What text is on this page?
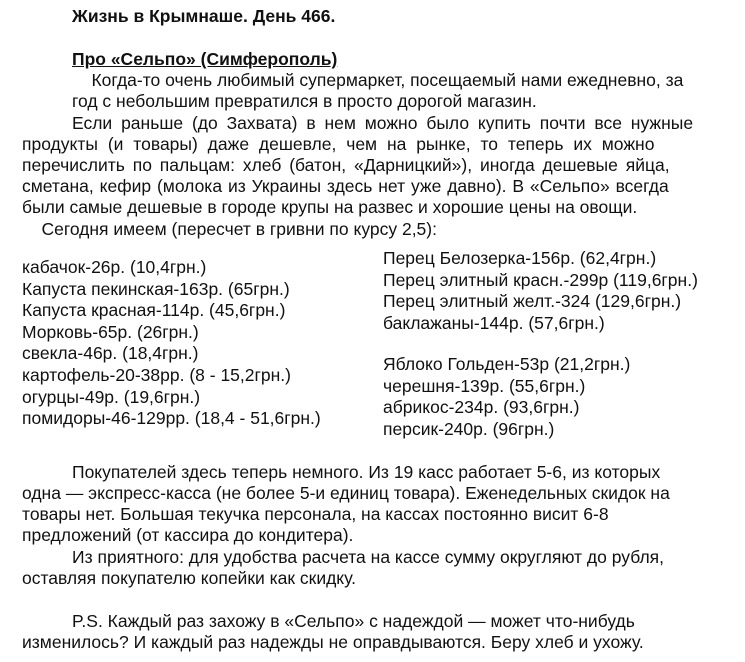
Жизнь в Крымнаше. День 466.
Про «Сельпо» (Симферополь)
Когда-то очень любимый супермаркет, посещаемый нами ежедневно, за
год с небольшим превратился в просто дорогой магазин.
Если раньше (до Захвата) в нем можно было купить почти все нужные
продукты (и товары) даже дешевле, чем на рынке, то теперь их можно
перечислить по пальцам: хлеб (батон, «Дарницкий»), иногда дешевые яйца,
сметана, кефир (молока из Украины здесь нет уже давно). В «Сельпо» всегда
были самые дешевые в городе крупы на развес и хорошие цены на овощи.
Сегодня имеем (пересчет в гривни по курсу 2,5):
кабачок-26р. (10,4грн.)
Капуста пекинская-163р. (65грн.)
Капуста красная-114р. (45,6грн.)
Морковь-65р. (26грн.)
свекла-46р. (18,4грн.)
картофель-20-38рр. (8 - 15,2грн.)
огурцы-49р. (19,6грн.)
помидоры-46-129рр. (18,4 - 51,6грн.)
Перец Белозерка-156р. (62,4грн.)
Перец элитный красн.-299р (119,6грн.)
Перец элитный желт.-324 (129,6грн.)
баклажаны-144р. (57,6грн.)
Яблоко Гольден-53р (21,2грн.)
черешня-139р. (55,6грн.)
абрикос-234р. (93,6грн.)
персик-240р. (96грн.)
Покупателей здесь теперь немного. Из 19 касс работает 5-6, из которых
одна — экспресс-касса (не более 5-и единиц товара). Еженедельных скидок на
товары нет. Большая текучка персонала, на кассах постоянно висит 6-8
предложений (от кассира до кондитера).
Из приятного: для удобства расчета на кассе сумму округляют до рубля,
оставляя покупателю копейки как скидку.
P.S. Каждый раз захожу в «Сельпо» с надеждой — может что-нибудь
изменилось? И каждый раз надежды не оправдываются. Беру хлеб и ухожу.
